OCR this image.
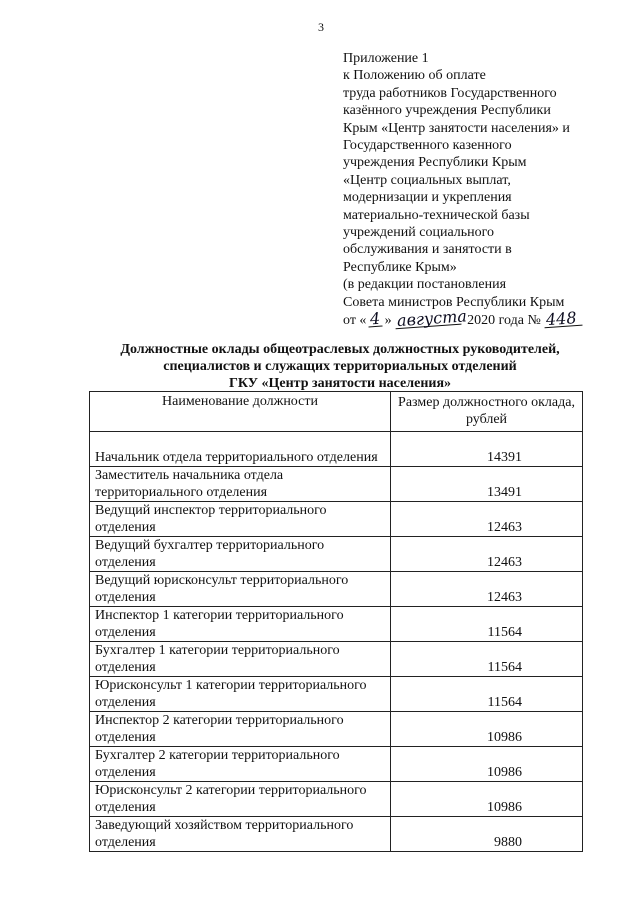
3
Приложение 1
к Положению об оплате
труда работников Государственного
казённого учреждения Республики
Крым «Центр занятости населения» и
Государственного казенного
учреждения Республики Крым
«Центр социальных выплат,
модернизации и укрепления
материально-технической базы
учреждений социального
обслуживания и занятости в
Республике Крым»
(в редакции постановления
Совета министров Республики Крым
от « 4 » августа 2020 года № 448
Должностные оклады общеотраслевых должностных руководителей,
специалистов и служащих территориальных отделений
ГКУ «Центр занятости населения»
Наименование должности	Размер должностного оклада, рублей
Начальник отдела территориального отделения	14391
Заместитель начальника отдела территориального отделения	13491
Ведущий инспектор территориального отделения	12463
Ведущий бухгалтер территориального отделения	12463
Ведущий юрисконсульт территориального отделения	12463
Инспектор 1 категории территориального отделения	11564
Бухгалтер 1 категории территориального отделения	11564
Юрисконсульт 1 категории территориального отделения	11564
Инспектор 2 категории территориального отделения	10986
Бухгалтер 2 категории территориального отделения	10986
Юрисконсульт 2 категории территориального отделения	10986
Заведующий хозяйством территориального отделения	9880
